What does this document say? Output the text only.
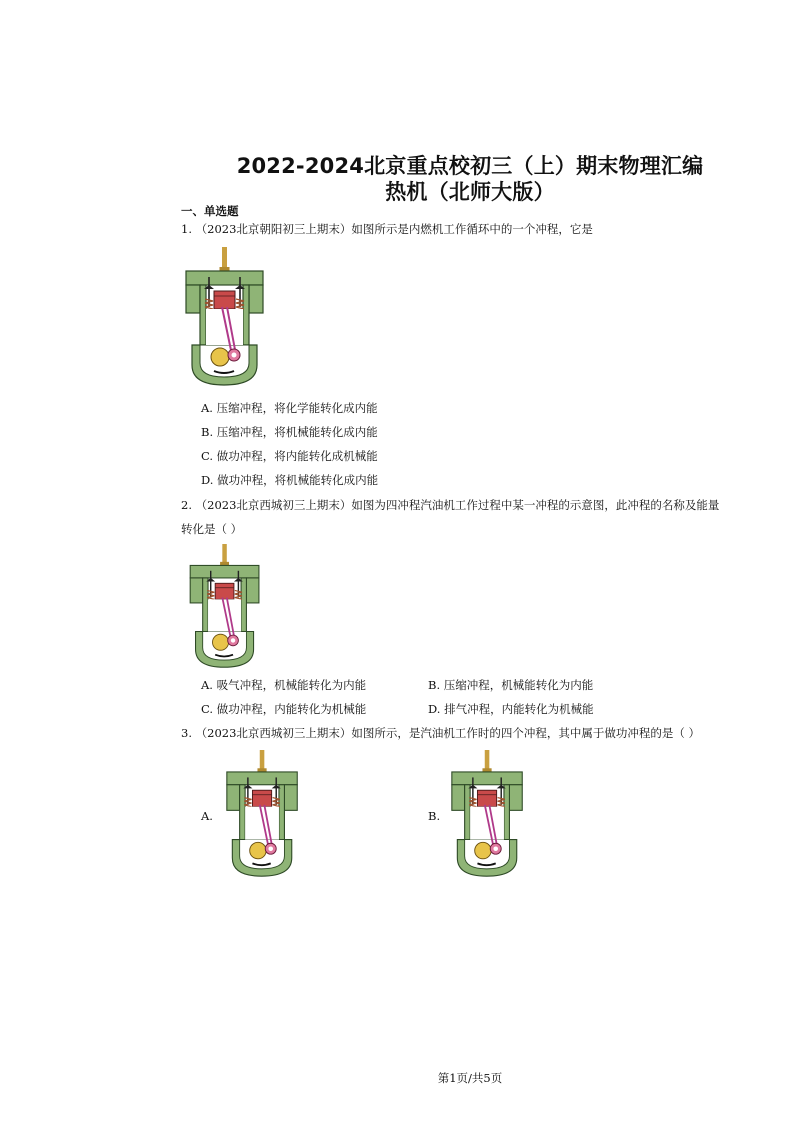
2022-2024北京重点校初三（上）期末物理汇编
热机（北师大版）
一、单选题
1. （2023北京朝阳初三上期末）如图所示是内燃机工作循环中的一个冲程，它是
A. 压缩冲程，将化学能转化成内能
B. 压缩冲程，将机械能转化成内能
C. 做功冲程，将内能转化成机械能
D. 做功冲程，将机械能转化成内能
2. （2023北京西城初三上期末）如图为四冲程汽油机工作过程中某一冲程的示意图，此冲程的名称及能量
转化是（ ）
A. 吸气冲程，机械能转化为内能	B. 压缩冲程，机械能转化为内能
C. 做功冲程，内能转化为机械能	D. 排气冲程，内能转化为机械能
3. （2023北京西城初三上期末）如图所示，是汽油机工作时的四个冲程，其中属于做功冲程的是（ ）
A.	B.
第1页/共5页
